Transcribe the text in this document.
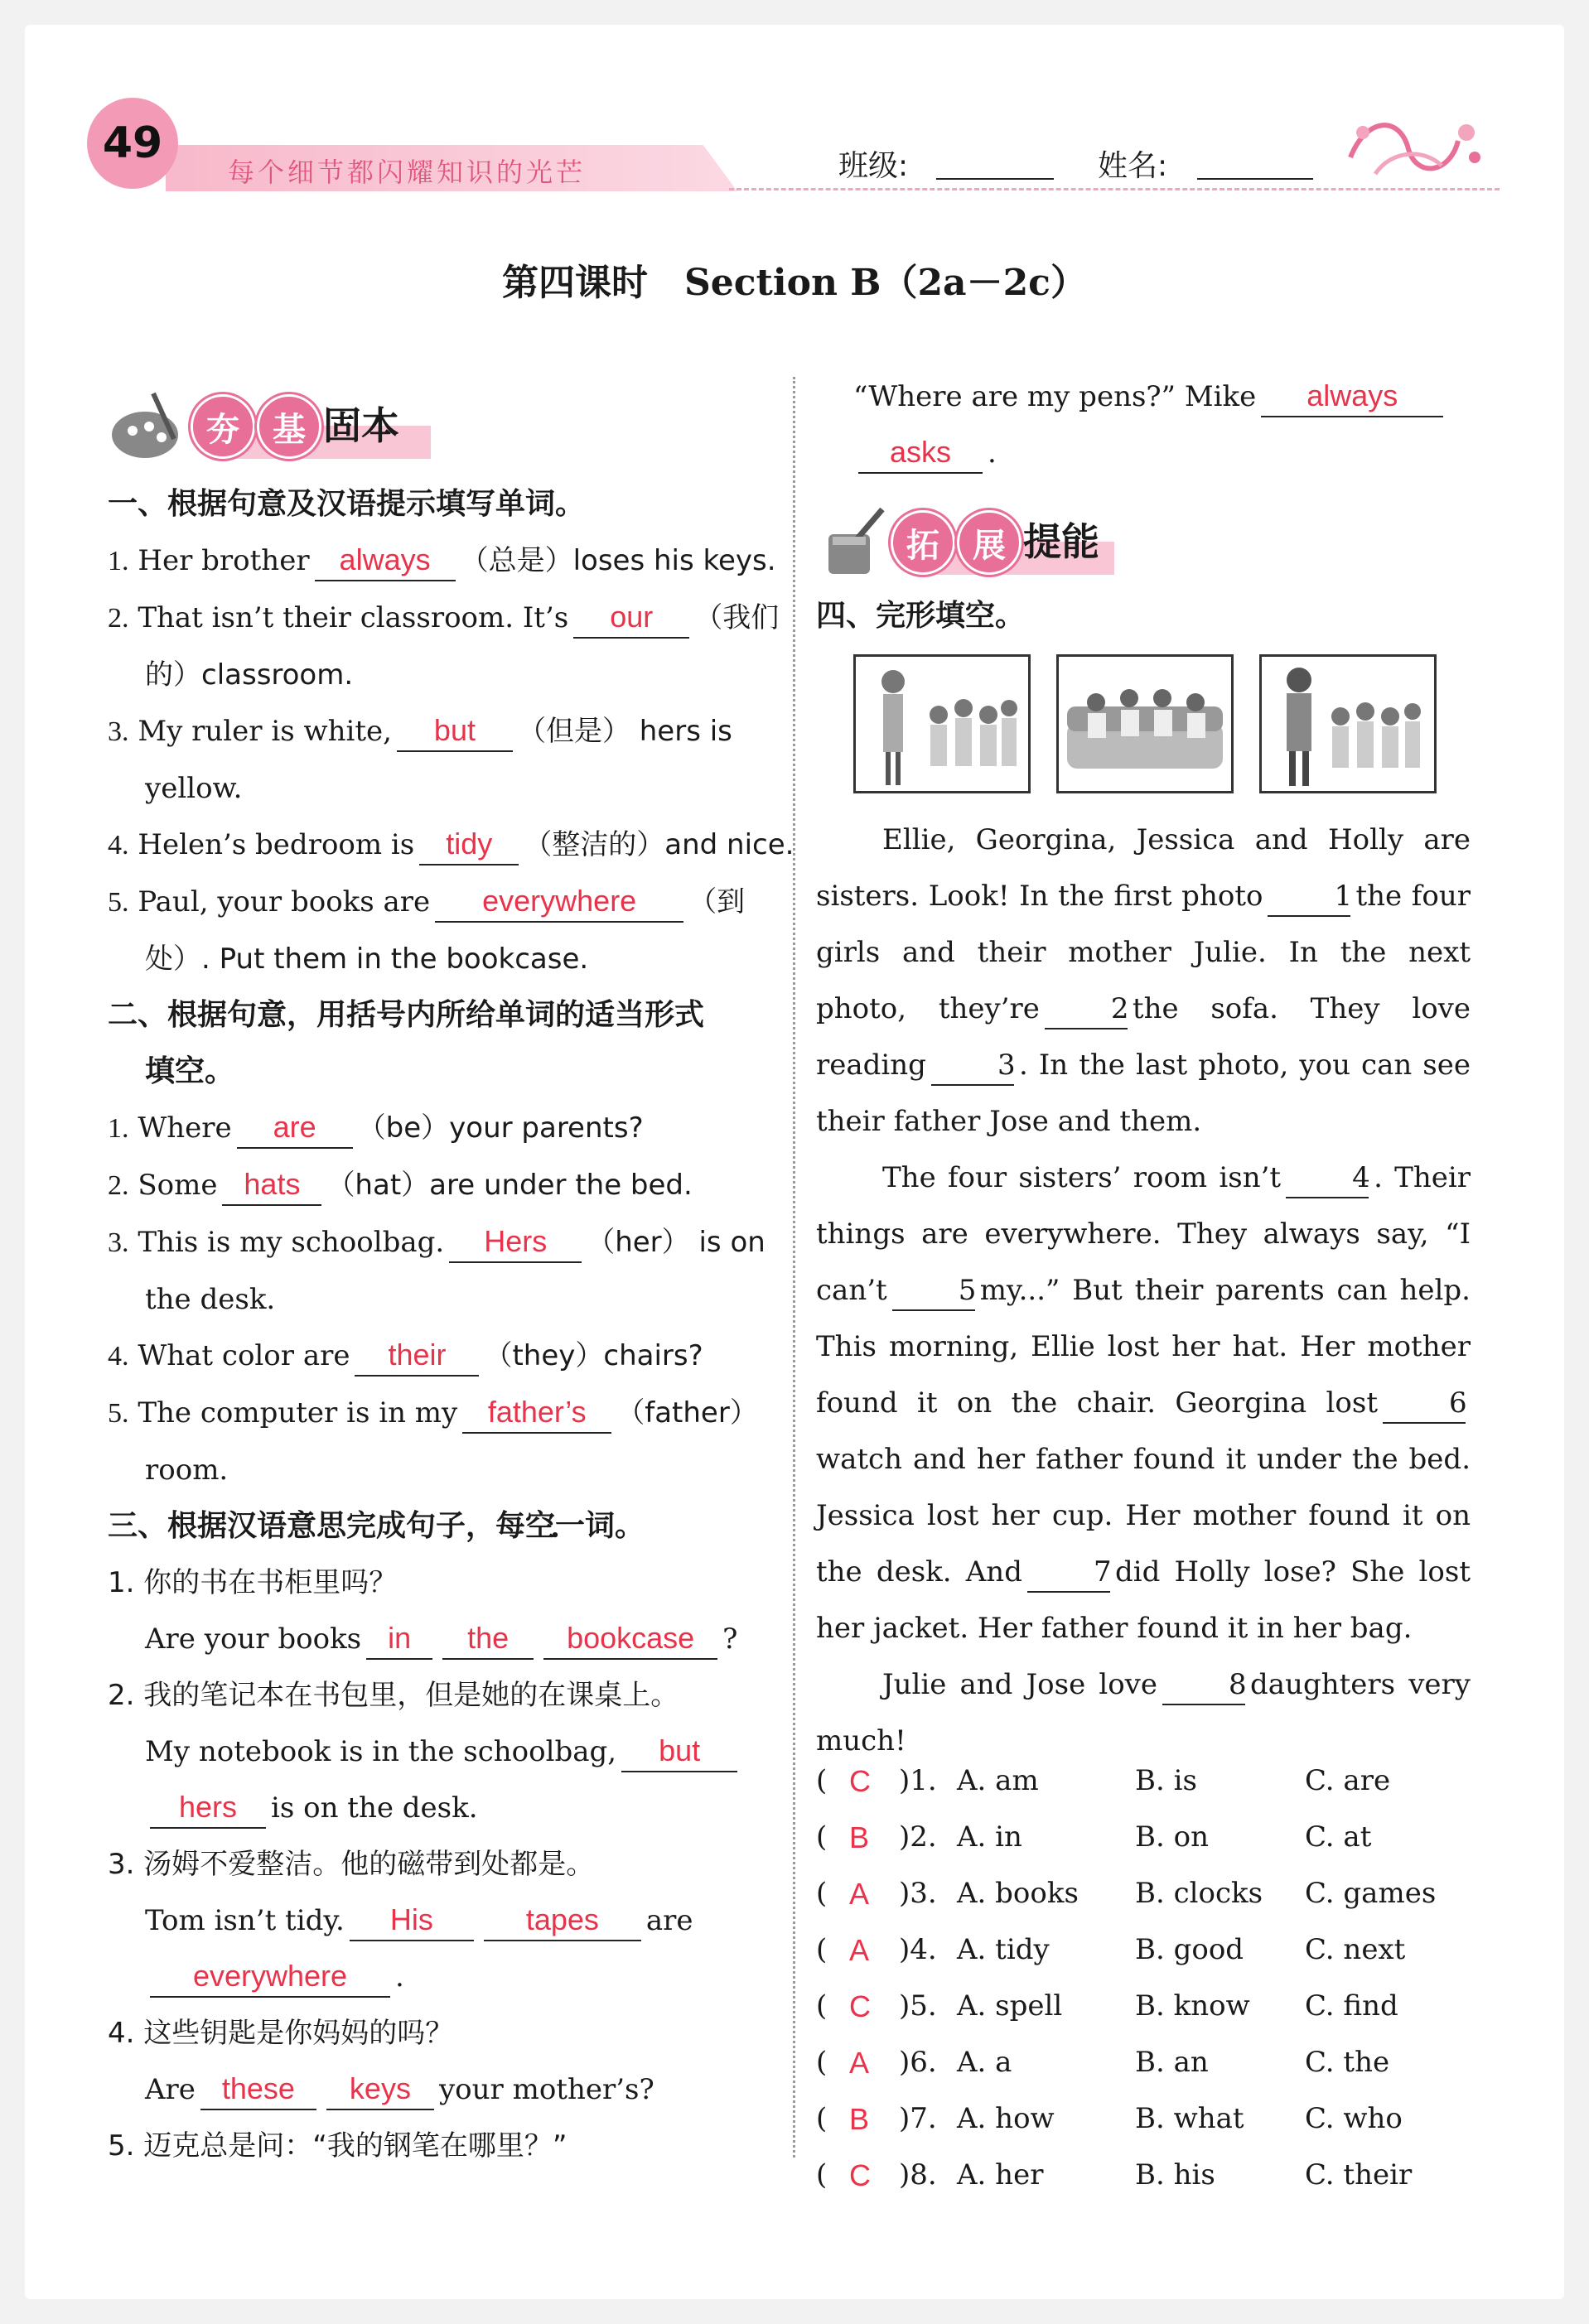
49
每个细节都闪耀知识的光芒	班级:	姓名:
第四课时　Section B（2a－2c）
夯	基 固本
一、根据句意及汉语提示填写单词。
1. Her brother always （总是）loses his keys.
2. That isn’t their classroom. It’s our （我们
的）classroom.
3. My ruler is white, but （但是） hers is
yellow.
4. Helen’s bedroom is tidy （整洁的）and nice.
5. Paul, your books are everywhere （到
处）. Put them in the bookcase.
二、根据句意，用括号内所给单词的适当形式
填空。
1. Where are （be）your parents?
2. Some hats （hat）are under the bed.
3. This is my schoolbag. Hers （her） is on
the desk.
4. What color are their （they）chairs?
5. The computer is in my father’s （father）
room.
三、根据汉语意思完成句子，每空一词。
1. 你的书在书柜里吗？
Are your books in the bookcase ?
2. 我的笔记本在书包里，但是她的在课桌上。
My notebook is in the schoolbag, but
hers is on the desk.
3. 汤姆不爱整洁。他的磁带到处都是。
Tom isn’t tidy. His	tapes are
everywhere .
4. 这些钥匙是你妈妈的吗？
Are these keys your mother’s?
5. 迈克总是问：“我的钢笔在哪里？”
“Where are my pens?” Mike always
asks .
拓	展 提能
四、完形填空。
Ellie, Georgina, Jessica and Holly are sisters. Look! In the first photo	1 the four girls and their mother Julie. In the next photo, they’re	2 the sofa. They love reading	3 . In the last photo, you can see their father Jose and them.
The four sisters’ room isn’t	4 . Their things are everywhere. They always say, “I can’t	5 my...” But their parents can help. This morning, Ellie lost her hat. Her mother found it on the chair. Georgina lost	6watch and her father found it under the bed. Jessica lost her cup. Her mother found it on the desk. And	7 did Holly lose? She lost her jacket. Her father found it in her bag.
Julie and Jose love	8 daughters very much!
( C )1. A. am	B. is	C. are
( B )2. A. in	B. on	C. at
( A )3. A. books B. clocks C. games
( A )4. A. tidy	B. good C. next
( C )5. A. spell	B. know C. find
( A )6. A. a	B. an	C. the
( B )7. A. how	B. what C. who
( C )8. A. her	B. his	C. their
